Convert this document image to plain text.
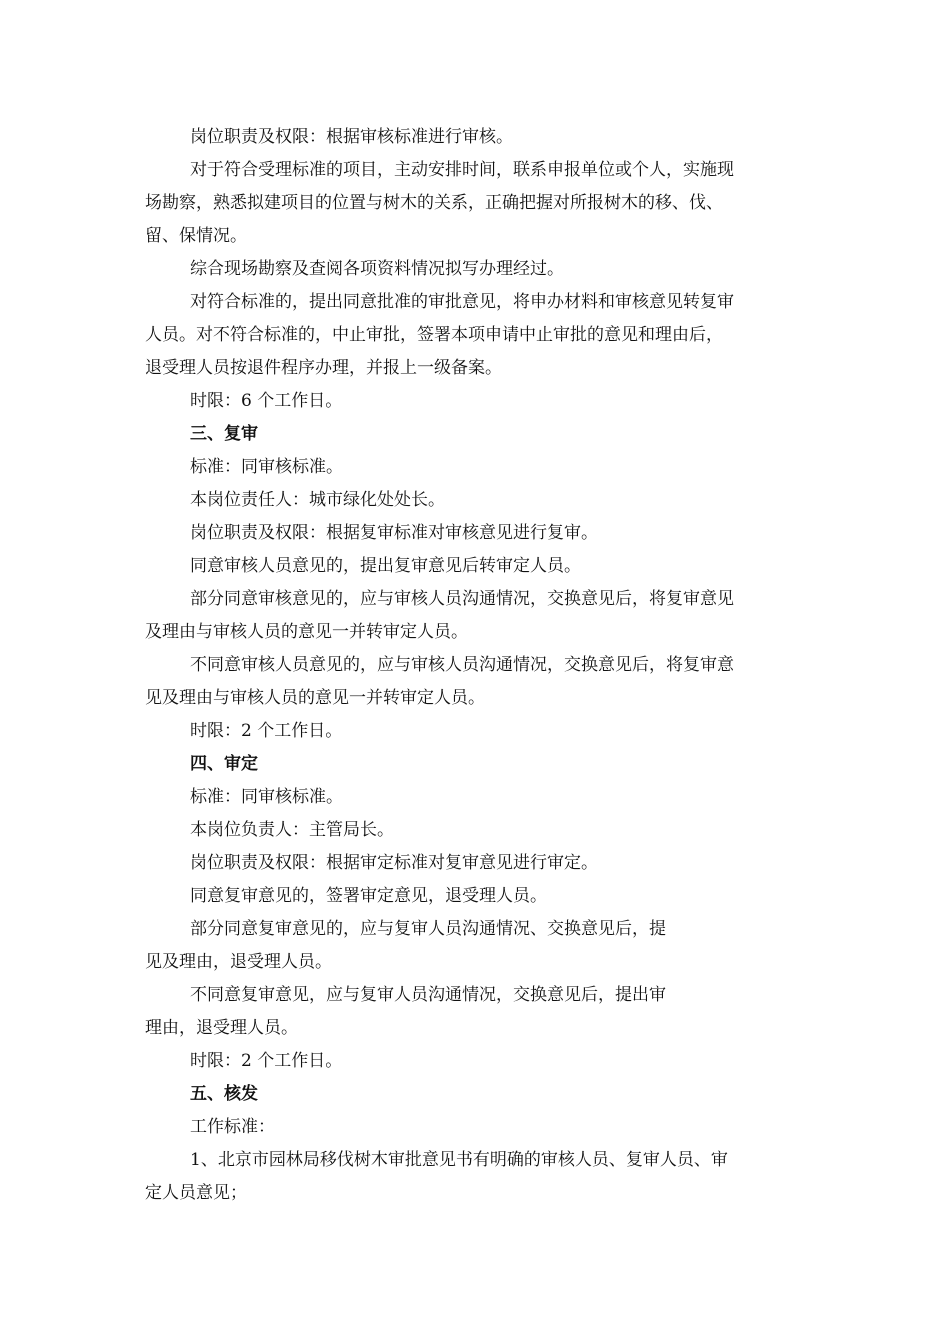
岗位职责及权限：根据审核标准进行审核。
对于符合受理标准的项目，主动安排时间，联系申报单位或个人，实施现
场勘察，熟悉拟建项目的位置与树木的关系，正确把握对所报树木的移、伐、
留、保情况。
综合现场勘察及查阅各项资料情况拟写办理经过。
对符合标准的，提出同意批准的审批意见，将申办材料和审核意见转复审
人员。对不符合标准的，中止审批，签署本项申请中止审批的意见和理由后，
退受理人员按退件程序办理，并报上一级备案。
时限：6 个工作日。
三、复审
标准：同审核标准。
本岗位责任人：城市绿化处处长。
岗位职责及权限：根据复审标准对审核意见进行复审。
同意审核人员意见的，提出复审意见后转审定人员。
部分同意审核意见的，应与审核人员沟通情况，交换意见后，将复审意见
及理由与审核人员的意见一并转审定人员。
不同意审核人员意见的，应与审核人员沟通情况，交换意见后，将复审意
见及理由与审核人员的意见一并转审定人员。
时限：2 个工作日。
四、审定
标准：同审核标准。
本岗位负责人：主管局长。
岗位职责及权限：根据审定标准对复审意见进行审定。
同意复审意见的，签署审定意见，退受理人员。
部分同意复审意见的，应与复审人员沟通情况、交换意见后，提
见及理由，退受理人员。
不同意复审意见，应与复审人员沟通情况，交换意见后，提出审
理由，退受理人员。
时限：2 个工作日。
五、核发
工作标准：
1、北京市园林局移伐树木审批意见书有明确的审核人员、复审人员、审
定人员意见；
